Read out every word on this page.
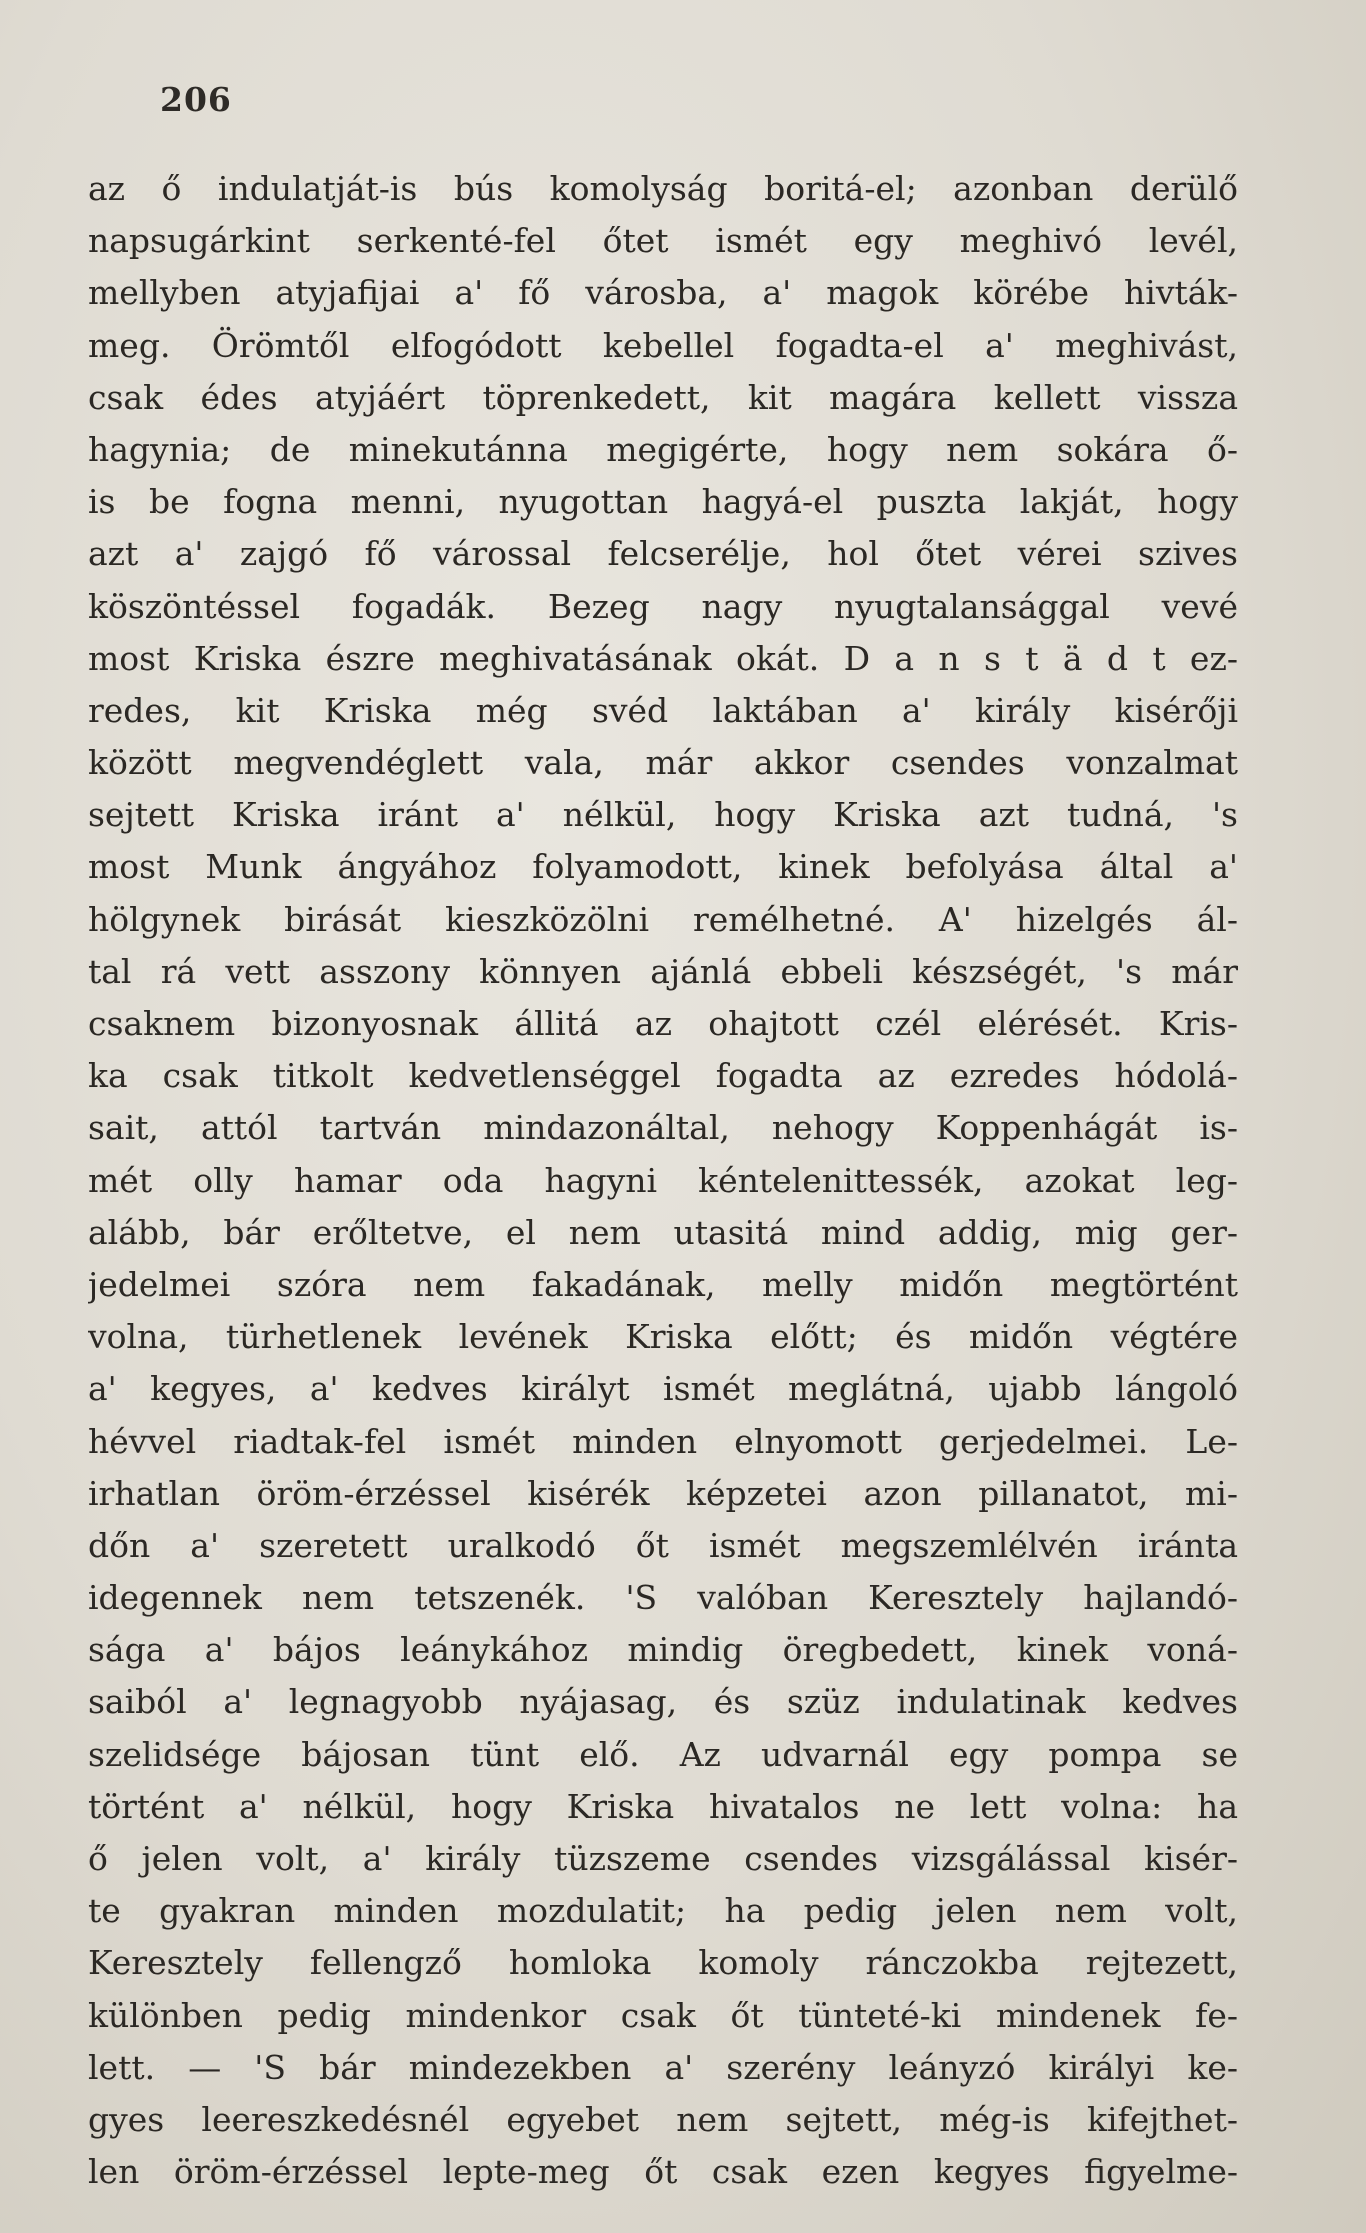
206
az ő indulatját-is bús komolyság boritá-el; azonban derülő
napsugárkint serkenté-fel őtet ismét egy meghivó levél,
mellyben atyjafijai a' fő városba, a' magok körébe hivták-
meg. Örömtől elfogódott kebellel fogadta-el a' meghivást,
csak édes atyjáért töprenkedett, kit magára kellett vissza
hagynia; de minekutánna megigérte, hogy nem sokára ő-
is be fogna menni, nyugottan hagyá-el puszta lakját, hogy
azt a' zajgó fő várossal felcserélje, hol őtet vérei szives
köszöntéssel fogadák. Bezeg nagy nyugtalansággal vevé
most Kriska észre meghivatásának okát. D a n s t ä d t ez-
redes, kit Kriska még svéd laktában a' király kisérőji
között megvendéglett vala, már akkor csendes vonzalmat
sejtett Kriska iránt a' nélkül, hogy Kriska azt tudná, 's
most Munk ángyához folyamodott, kinek befolyása által a'
hölgynek birását kieszközölni remélhetné. A' hizelgés ál-
tal rá vett asszony könnyen ajánlá ebbeli készségét, 's már
csaknem bizonyosnak állitá az ohajtott czél elérését. Kris-
ka csak titkolt kedvetlenséggel fogadta az ezredes hódolá-
sait, attól tartván mindazonáltal, nehogy Koppenhágát is-
mét olly hamar oda hagyni kéntelenittessék, azokat leg-
alább, bár erőltetve, el nem utasitá mind addig, mig ger-
jedelmei szóra nem fakadának, melly midőn megtörtént
volna, türhetlenek levének Kriska előtt; és midőn végtére
a' kegyes, a' kedves királyt ismét meglátná, ujabb lángoló
hévvel riadtak-fel ismét minden elnyomott gerjedelmei. Le-
irhatlan öröm-érzéssel kisérék képzetei azon pillanatot, mi-
dőn a' szeretett uralkodó őt ismét megszemlélvén iránta
idegennek nem tetszenék. 'S valóban Keresztely hajlandó-
sága a' bájos leánykához mindig öregbedett, kinek voná-
saiból a' legnagyobb nyájasag, és szüz indulatinak kedves
szelidsége bájosan tünt elő. Az udvarnál egy pompa se
történt a' nélkül, hogy Kriska hivatalos ne lett volna: ha
ő jelen volt, a' király tüzszeme csendes vizsgálással kisér-
te gyakran minden mozdulatit; ha pedig jelen nem volt,
Keresztely fellengző homloka komoly ránczokba rejtezett,
különben pedig mindenkor csak őt tünteté-ki mindenek fe-
lett. — 'S bár mindezekben a' szerény leányzó királyi ke-
gyes leereszkedésnél egyebet nem sejtett, még-is kifejthet-
len öröm-érzéssel lepte-meg őt csak ezen kegyes figyelme-
